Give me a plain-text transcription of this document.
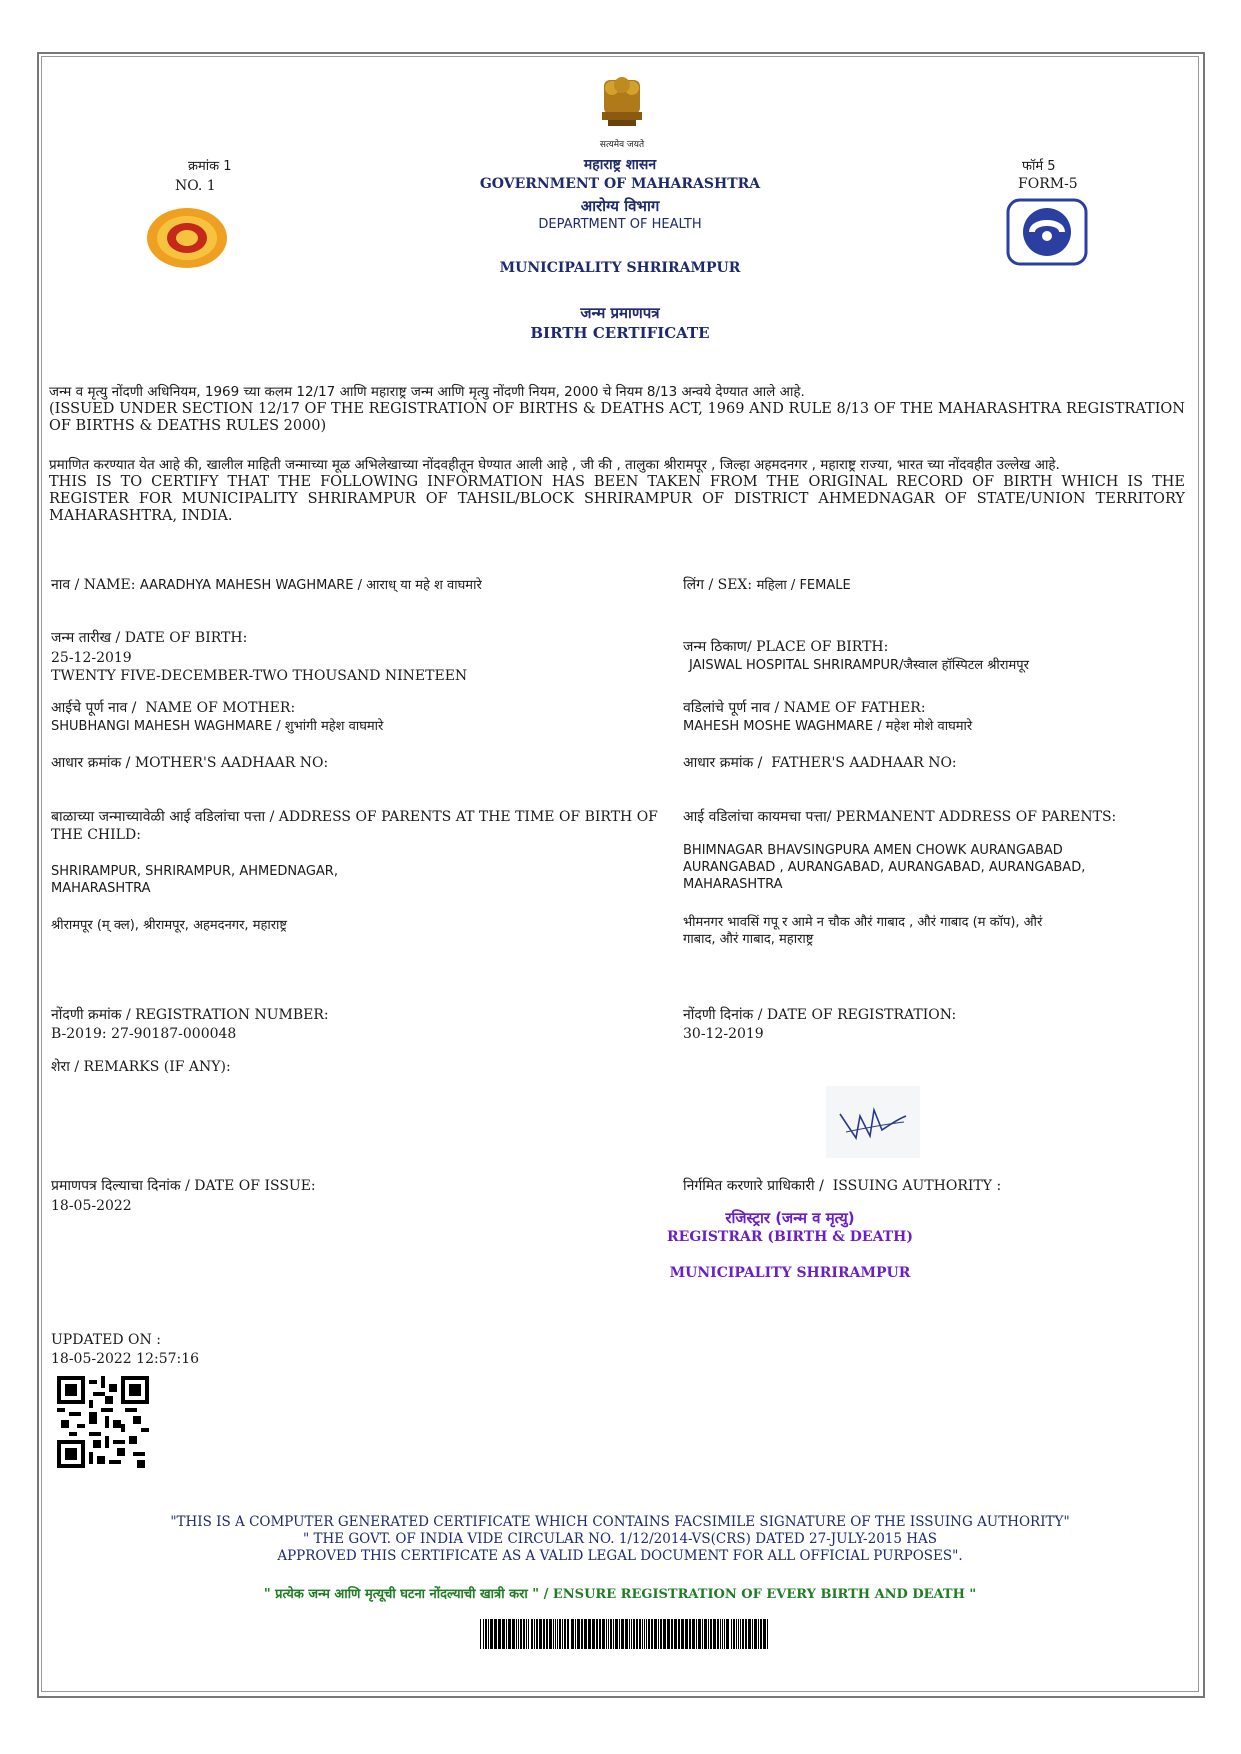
सत्यमेव जयते
क्रमांक 1
NO. 1
महाराष्ट्र शासन
GOVERNMENT OF MAHARASHTRA
आरोग्य विभाग
DEPARTMENT OF HEALTH
MUNICIPALITY SHRIRAMPUR
जन्म प्रमाणपत्र
BIRTH CERTIFICATE
फॉर्म 5
FORM-5
जन्म व मृत्यु नोंदणी अधिनियम, 1969 च्या कलम 12/17 आणि महाराष्ट्र जन्म आणि मृत्यु नोंदणी नियम, 2000 चे नियम 8/13 अन्वये देण्यात आले आहे.
(ISSUED UNDER SECTION 12/17 OF THE REGISTRATION OF BIRTHS & DEATHS ACT, 1969 AND RULE 8/13 OF THE MAHARASHTRA REGISTRATION OF BIRTHS & DEATHS RULES 2000)
प्रमाणित करण्यात येत आहे की, खालील माहिती जन्माच्या मूळ अभिलेखाच्या नोंदवहीतून घेण्यात आली आहे , जी की , तालुका श्रीरामपूर , जिल्हा अहमदनगर , महाराष्ट्र राज्या, भारत च्या नोंदवहीत उल्लेख आहे.
THIS IS TO CERTIFY THAT THE FOLLOWING INFORMATION HAS BEEN TAKEN FROM THE ORIGINAL RECORD OF BIRTH WHICH IS THE REGISTER FOR MUNICIPALITY SHRIRAMPUR OF TAHSIL/BLOCK SHRIRAMPUR OF DISTRICT AHMEDNAGAR OF STATE/UNION TERRITORY MAHARASHTRA, INDIA.
नाव / NAME: AARADHYA MAHESH WAGHMARE / आराध्‌ या महे श वाघमारे	लिंग / SEX: महिला / FEMALE
जन्म तारीख / DATE OF BIRTH:
25-12-2019
TWENTY FIVE-DECEMBER-TWO THOUSAND NINETEEN
जन्म ठिकाण/ PLACE OF BIRTH:
JAISWAL HOSPITAL SHRIRAMPUR/जैस्वाल हॉस्पिटल श्रीरामपूर
आईचे पूर्ण नाव / NAME OF MOTHER:
SHUBHANGI MAHESH WAGHMARE / शुभांगी महेश वाघमारे
वडिलांचे पूर्ण नाव / NAME OF FATHER:
MAHESH MOSHE WAGHMARE / महेश मोशे वाघमारे
आधार क्रमांक / MOTHER'S AADHAAR NO:	आधार क्रमांक / FATHER'S AADHAAR NO:
बाळाच्या जन्माच्यावेळी आई वडिलांचा पत्ता / ADDRESS OF PARENTS AT THE TIME OF BIRTH OF THE CHILD:
SHRIRAMPUR, SHRIRAMPUR, AHMEDNAGAR, MAHARASHTRA
श्रीरामपूर (म्‌ क्ल), श्रीरामपूर, अहमदनगर, महाराष्ट्र
आई वडिलांचा कायमचा पत्ता/ PERMANENT ADDRESS OF PARENTS:
BHIMNAGAR BHAVSINGPURA AMEN CHOWK AURANGABAD AURANGABAD , AURANGABAD, AURANGABAD, AURANGABAD, MAHARASHTRA
भीमनगर भावसिं गपू र आमे न चौक औरं गाबाद , औरं गाबाद (म कॉप), औरं गाबाद, औरं गाबाद, महाराष्ट्र
नोंदणी क्रमांक / REGISTRATION NUMBER:
B-2019: 27-90187-000048
नोंदणी दिनांक / DATE OF REGISTRATION:
30-12-2019
शेरा / REMARKS (IF ANY):
प्रमाणपत्र दिल्याचा दिनांक / DATE OF ISSUE:
18-05-2022
निर्गमित करणारे प्राधिकारी / ISSUING AUTHORITY :
रजिस्ट्रार (जन्म व मृत्यु)
REGISTRAR (BIRTH & DEATH)
MUNICIPALITY SHRIRAMPUR
UPDATED ON :
18-05-2022 12:57:16
"THIS IS A COMPUTER GENERATED CERTIFICATE WHICH CONTAINS FACSIMILE SIGNATURE OF THE ISSUING AUTHORITY"
" THE GOVT. OF INDIA VIDE CIRCULAR NO. 1/12/2014-VS(CRS) DATED 27-JULY-2015 HAS
APPROVED THIS CERTIFICATE AS A VALID LEGAL DOCUMENT FOR ALL OFFICIAL PURPOSES".
" प्रत्येक जन्म आणि मृत्यूची घटना नोंदल्याची खात्री करा " / ENSURE REGISTRATION OF EVERY BIRTH AND DEATH "
